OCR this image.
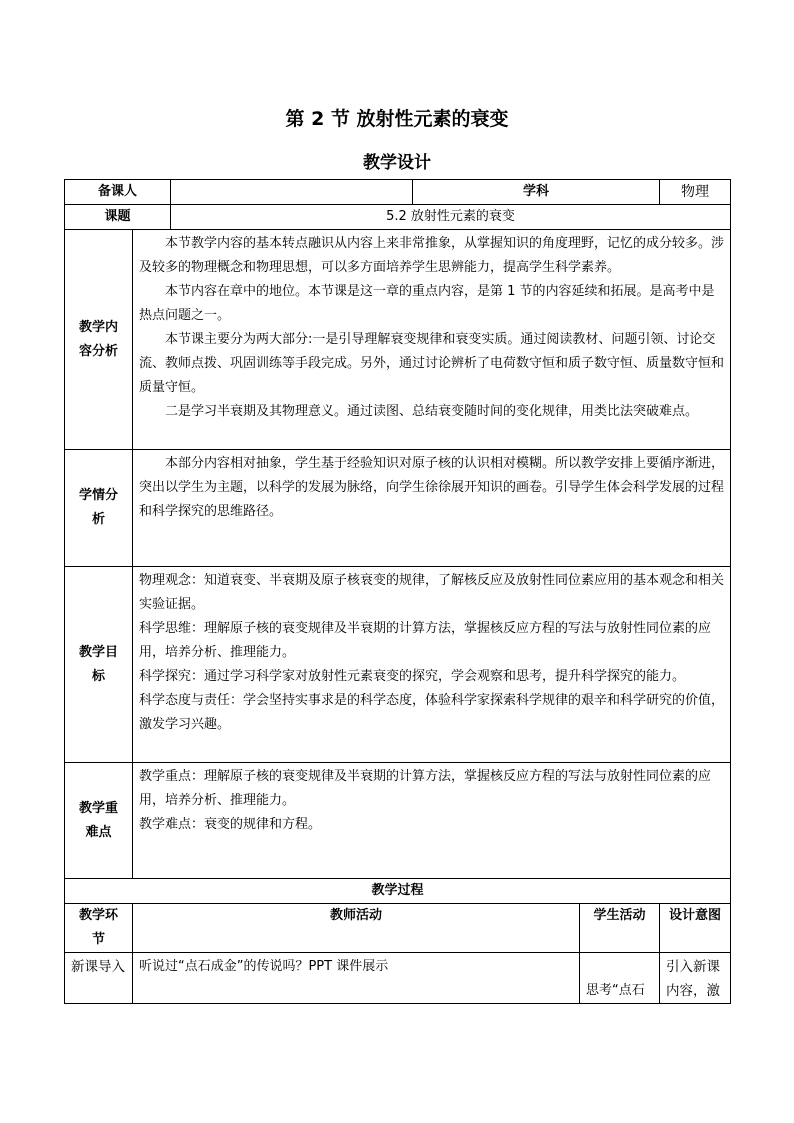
第 2 节 放射性元素的衰变
教学设计
备课人			学科		物理
课题		5.2 放射性元素的衰变			
教学内容分析	本节教学内容的基本转点融识从内容上来非常推象，从掌握知识的角度理野，记忆的成分较多。涉及较多的物理概念和物理思想，可以多方面培养学生思辨能力，提高学生科学素养。

本节内容在章中的地位。本节课是这一章的重点内容，是第 1 节的内容延续和拓展。是高考中是热点问题之一。

本节课主要分为两大部分:一是引导理解衰变规律和衰变实质。通过阅读教材、问题引领、讨论交流、教师点拨、巩固训练等手段完成。另外，通过讨论辨析了电荷数守恒和质子数守恒、质量数守恒和质量守恒。

二是学习半衰期及其物理意义。通过读图、总结衰变随时间的变化规律，用类比法突破难点。				

学情分析	本部分内容相对抽象，学生基于经验知识对原子核的认识相对模糊。所以教学安排上要循序渐进，突出以学生为主题，以科学的发展为脉络，向学生徐徐展开知识的画卷。引导学生体会科学发展的过程和科学探究的思维路径。				

教学目标	物理观念：知道衰变、半衰期及原子核衰变的规律，了解核反应及放射性同位素应用的基本观念和相关实验证据。

科学思维：理解原子核的衰变规律及半衰期的计算方法，掌握核反应方程的写法与放射性同位素的应用，培养分析、推理能力。

科学探究：通过学习科学家对放射性元素衰变的探究，学会观察和思考，提升科学探究的能力。

科学态度与责任：学会坚持实事求是的科学态度，体验科学家探索科学规律的艰辛和科学研究的价值，激发学习兴趣。				

教学重难点	教学重点：理解原子核的衰变规律及半衰期的计算方法，掌握核反应方程的写法与放射性同位素的应用，培养分析、推理能力。

教学难点：衰变的规律和方程。				

教学过程					
教学环节	教师活动			学生活动	设计意图
新课导入	听说过“点石成金”的传说吗？PPT 课件展示			思考“点石	引入新课内容，激
